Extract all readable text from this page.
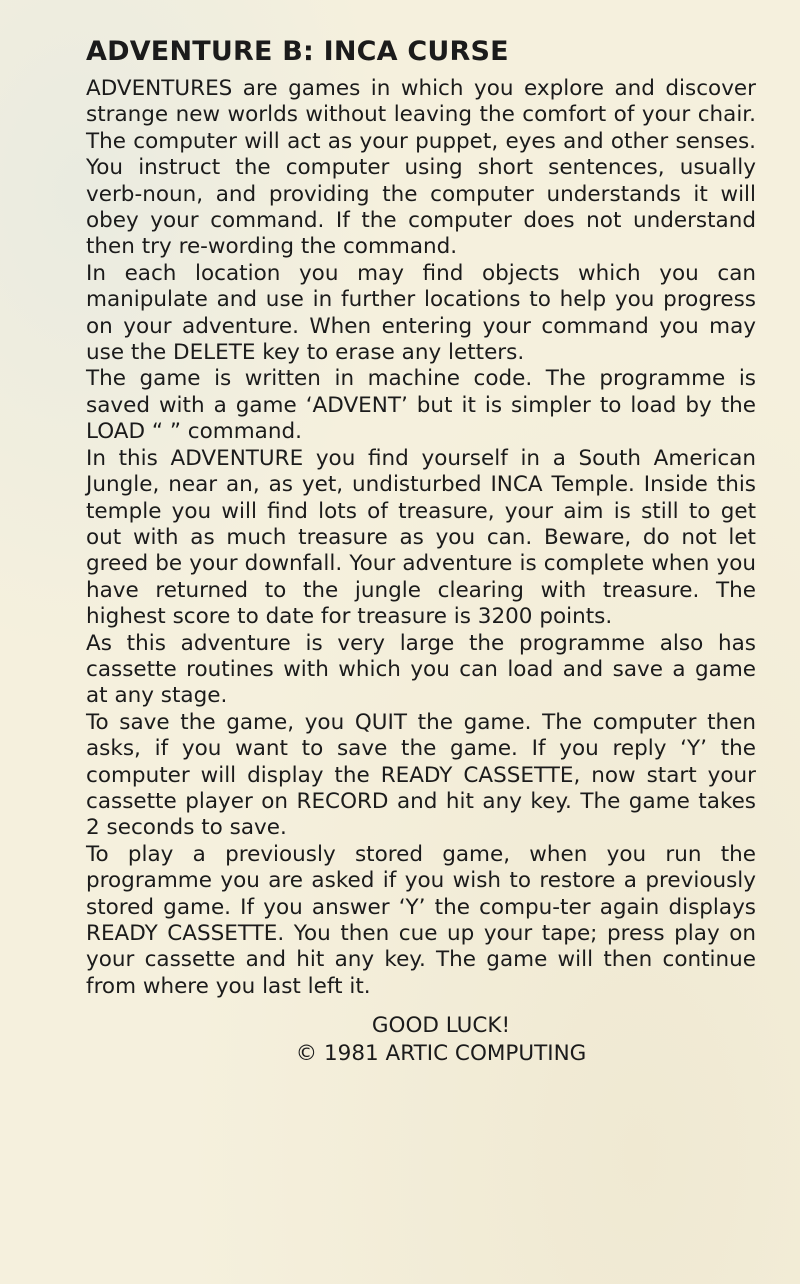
ADVENTURE B: INCA CURSE

ADVENTURES are games in which you explore and discover strange new worlds without leaving the comfort of your chair. The computer will act as your puppet, eyes and other senses. You instruct the computer using short sentences, usually verb-noun, and providing the computer understands it will obey your command. If the computer does not understand then try re-wording the command.

In each location you may find objects which you can manipulate and use in further locations to help you progress on your adventure. When entering your command you may use the DELETE key to erase any letters.

The game is written in machine code. The programme is saved with a game ‘ADVENT’ but it is simpler to load by the LOAD “ ” command.

In this ADVENTURE you find yourself in a South American Jungle, near an, as yet, undisturbed INCA Temple. Inside this temple you will find lots of treasure, your aim is still to get out with as much treasure as you can. Beware, do not let greed be your downfall. Your adventure is complete when you have returned to the jungle clearing with treasure. The highest score to date for treasure is 3200 points.

As this adventure is very large the programme also has cassette routines with which you can load and save a game at any stage.

To save the game, you QUIT the game. The computer then asks, if you want to save the game. If you reply ‘Y’ the computer will display the READY CASSETTE, now start your cassette player on RECORD and hit any key. The game takes 2 seconds to save.

To play a previously stored game, when you run the programme you are asked if you wish to restore a previously stored game. If you answer ‘Y’ the compu-ter again displays READY CASSETTE. You then cue up your tape; press play on your cassette and hit any key. The game will then continue from where you last left it.

GOOD LUCK!
© 1981 ARTIC COMPUTING
